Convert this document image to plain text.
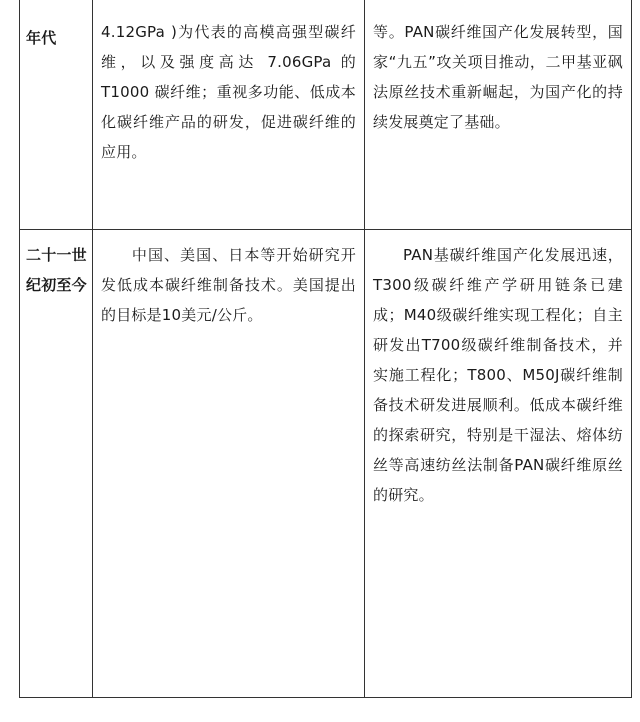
年代	4.12GPa )为代表的高模高强型碳纤维，以及强度高达 7.06GPa 的T1000 碳纤维；重视多功能、低成本化碳纤维产品的研发，促进碳纤维的应用。	等。PAN碳纤维国产化发展转型，国家“九五”攻关项目推动，二甲基亚砜法原丝技术重新崛起，为国产化的持续发展奠定了基础。

二十一世纪初至今	中国、美国、日本等开始研究开发低成本碳纤维制备技术。美国提出的目标是10美元/公斤。	PAN基碳纤维国产化发展迅速，T300级碳纤维产学研用链条已建成；M40级碳纤维实现工程化；自主研发出T700级碳纤维制备技术，并实施工程化；T800、M50J碳纤维制备技术研发进展顺利。低成本碳纤维的探索研究，特别是干湿法、熔体纺丝等高速纺丝法制备PAN碳纤维原丝的研究。
